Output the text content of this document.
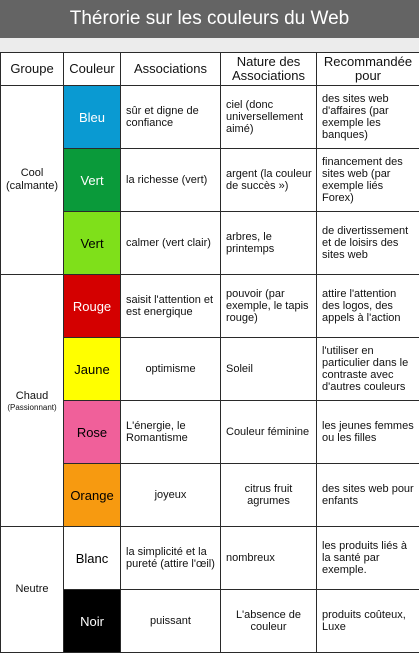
Thérorie sur les couleurs du Web
Groupe	Couleur	Associations	Nature des Associations	Recommandée pour
Cool
(calmante)	Bleu	sûr et digne de confiance	ciel (donc universellement aimé)	des sites web d'affaires (par exemple les banques)
	Vert	la richesse (vert)	argent (la couleur de succès »)	financement des sites web (par exemple liés Forex)
	Vert	calmer (vert clair)	arbres, le printemps	de divertissement et de loisirs des sites web
Chaud

(Passionnant)	Rouge	saisit l'attention et est energique	pouvoir (par exemple, le tapis rouge)	attire l'attention des logos, des appels à l'action
	Jaune	optimisme	Soleil	l'utiliser en particulier dans le contraste avec d'autres couleurs
	Rose	L'énergie, le Romantisme	Couleur féminine	les jeunes femmes ou les filles
	Orange	joyeux	citrus fruit agrumes	des sites web pour enfants
Neutre	Blanc	la simplicité et la pureté (attire l'œil)	nombreux	les produits liés à la santé par exemple.
	Noir	puissant	L'absence de couleur	produits coûteux, Luxe
